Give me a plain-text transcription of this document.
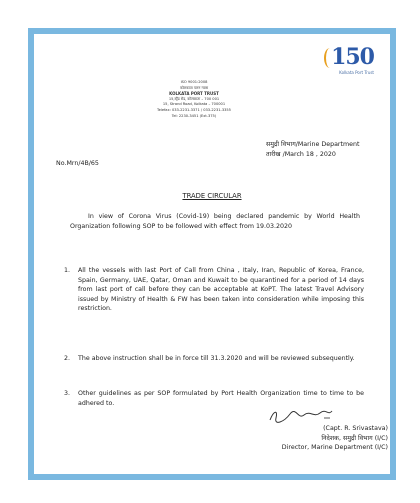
150
Kolkata Port Trust
ISO 9001:2008
कोलकाता पत्तन न्यास
KOLKATA PORT TRUST
15,स्ट्रैंड रोड, कोलकाता – 700 001
15, Strand Road, Kolkata – 700001
Telefax: 033-2231-3371 / 033-2231-3355
Tel: 2230-3451 (Ext.375)
समुद्री विभाग/Marine Department
तारीख /March 18 , 2020
No.Mrn/4B/65
TRADE CIRCULAR
In view of Corona Virus (Covid-19) being declared pandemic by World Health Organization following SOP to be followed with effect from 19.03.2020
1. All the vessels with last Port of Call from China , Italy, Iran, Republic of Korea, France, Spain, Germany, UAE, Qatar, Oman and Kuwait to be quarantined for a period of 14 days from last port of call before they can be acceptable at KoPT. The latest Travel Advisory issued by Ministry of Health & FW has been taken into consideration while imposing this restriction.
2. The above instruction shall be in force till 31.3.2020 and will be reviewed subsequently.
3. Other guidelines as per SOP formulated by Port Health Organization time to time to be adhered to.
(Capt. R. Srivastava)
निदेशक, समुद्री विभाग (I/C)
Director, Marine Department (I/C)
